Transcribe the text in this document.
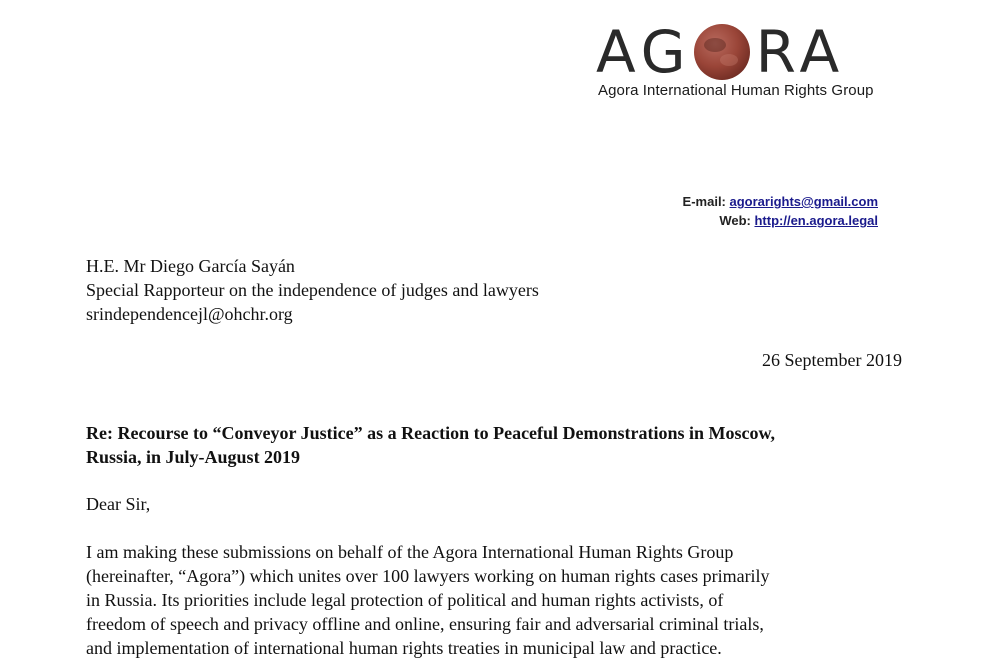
AG RA
Agora International Human Rights Group
E-mail: agorarights@gmail.com
Web: http://en.agora.legal
H.E. Mr Diego García Sayán
Special Rapporteur on the independence of judges and lawyers
srindependencejl@ohchr.org
26 September 2019
Re: Recourse to “Conveyor Justice” as a Reaction to Peaceful Demonstrations in Moscow,
Russia, in July-August 2019
Dear Sir,
I am making these submissions on behalf of the Agora International Human Rights Group
(hereinafter, “Agora”) which unites over 100 lawyers working on human rights cases primarily
in Russia. Its priorities include legal protection of political and human rights activists, of
freedom of speech and privacy offline and online, ensuring fair and adversarial criminal trials,
and implementation of international human rights treaties in municipal law and practice.
